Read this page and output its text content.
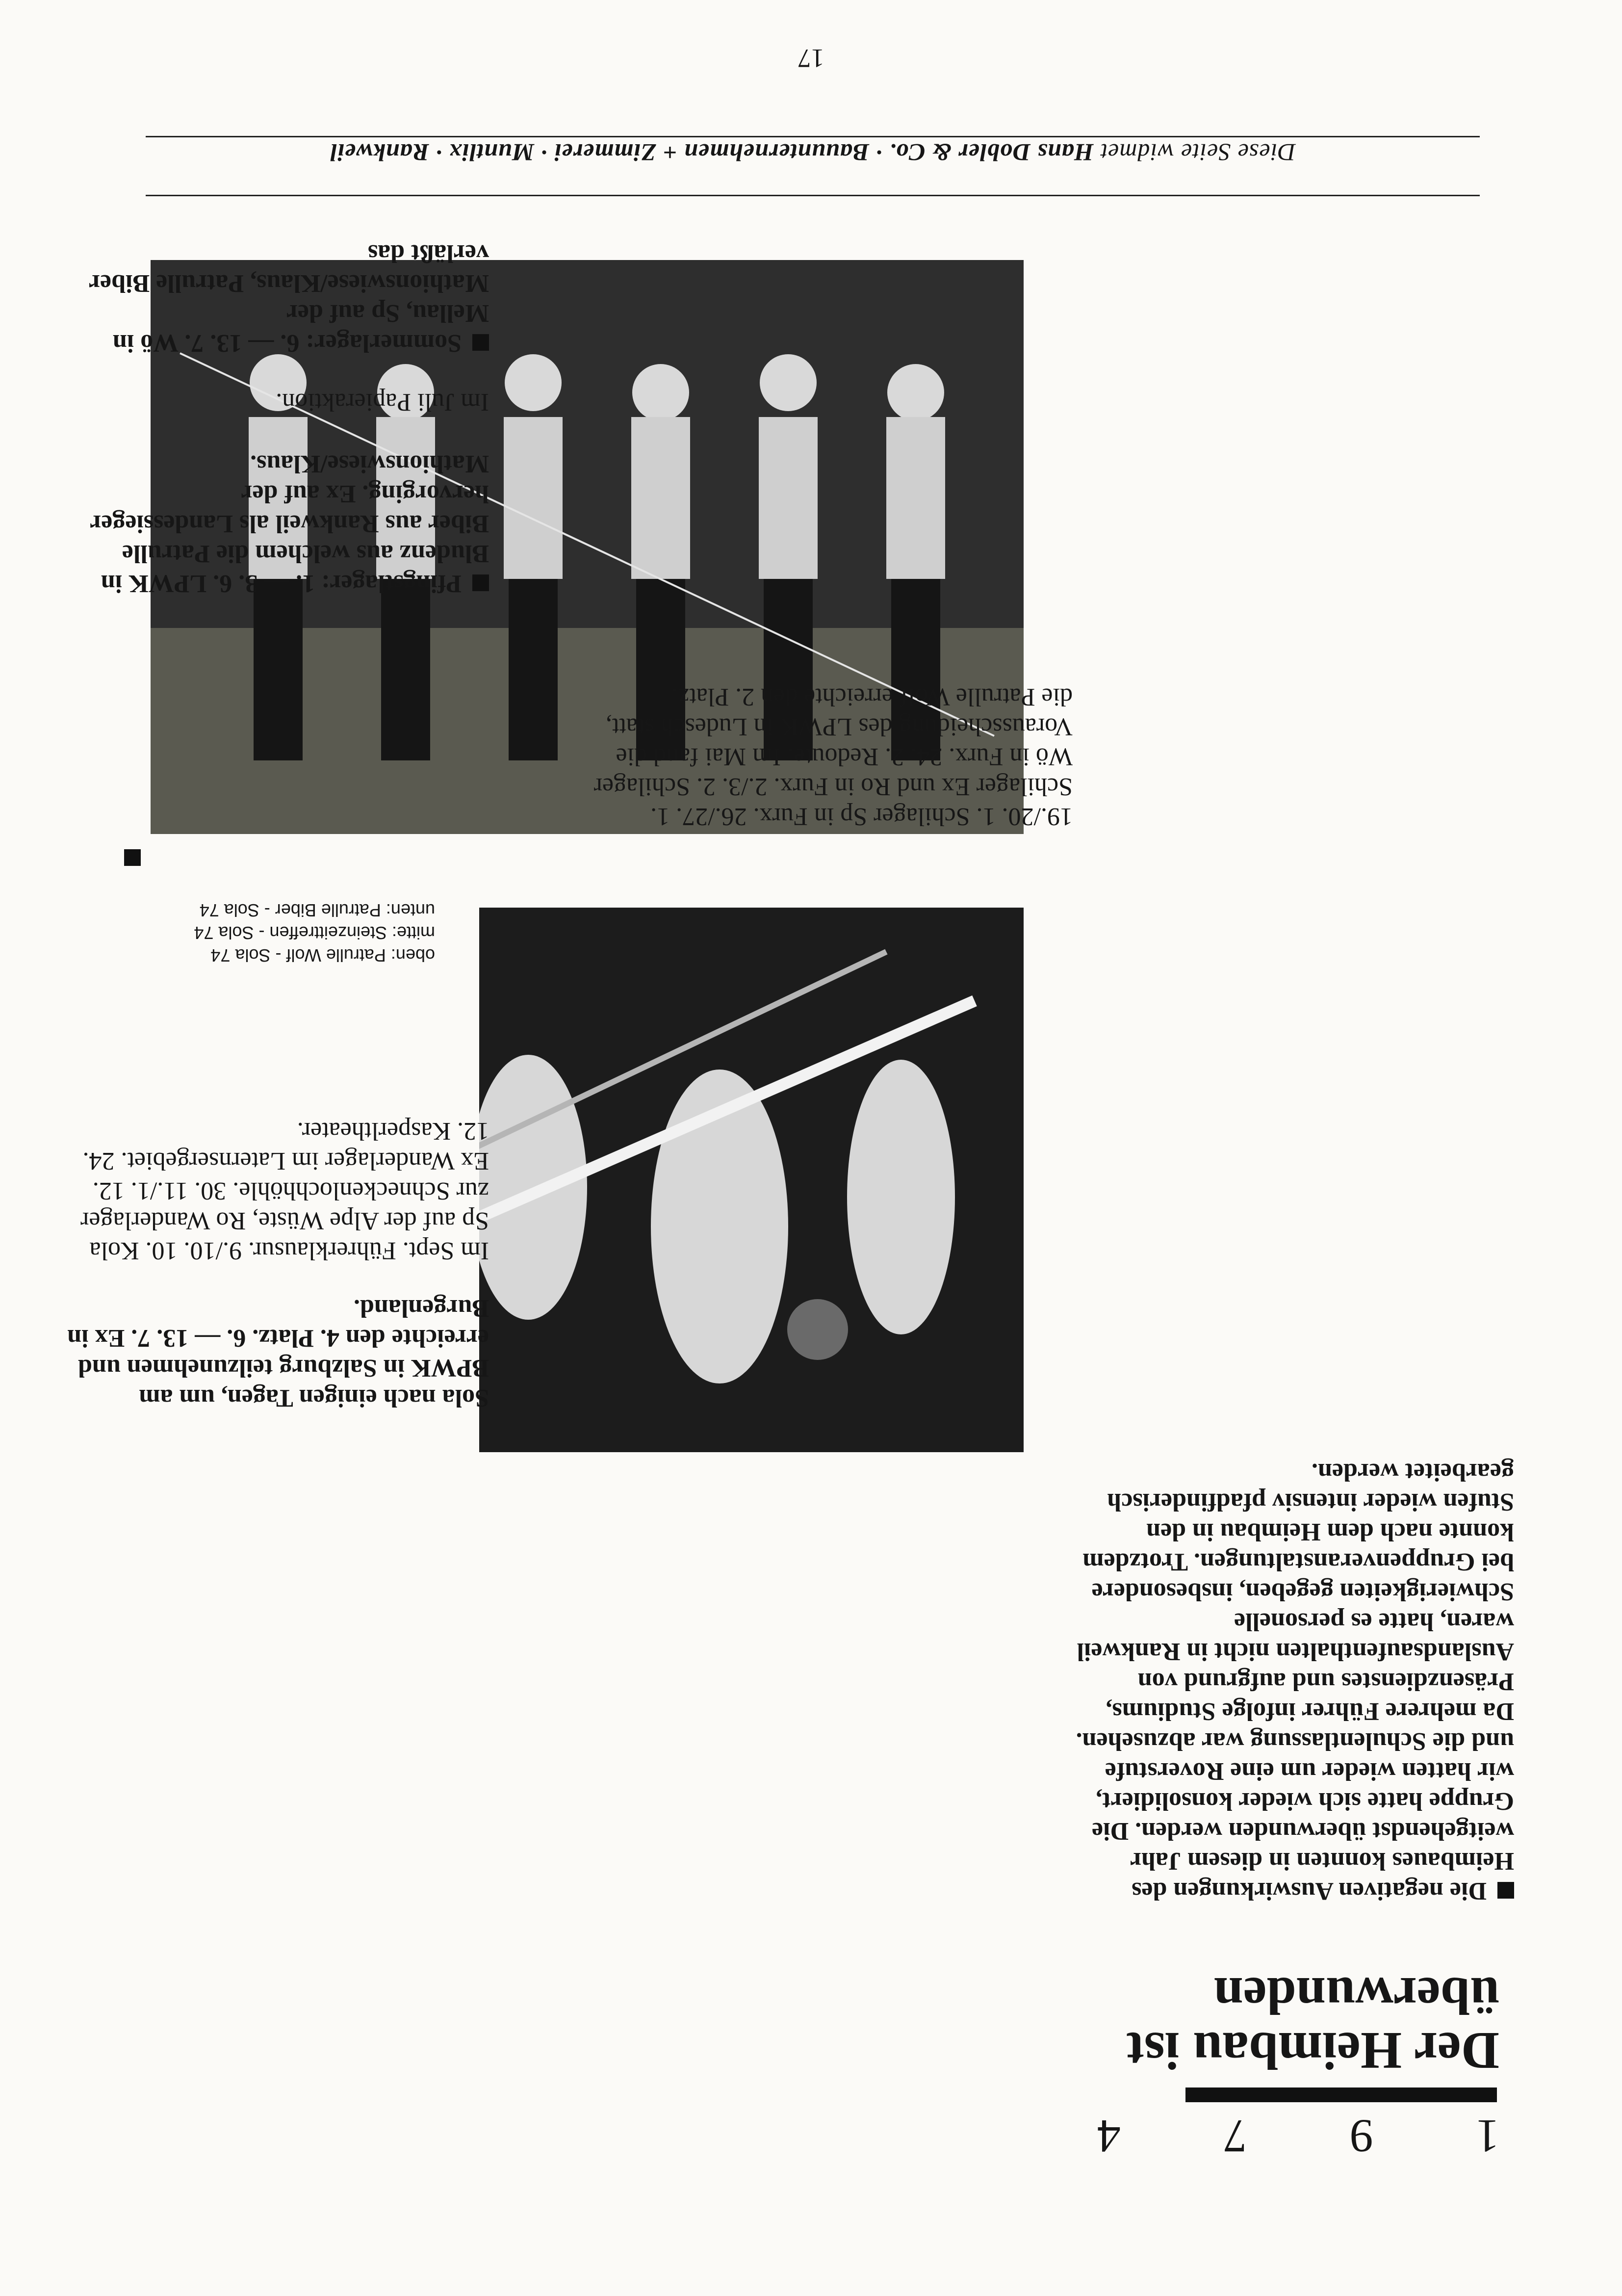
Diese Seite widmet Hans Dobler & Co. · Bauunternehmen + Zimmerei · Muntlix · Rankweil
17
1
9
7
4
Der Heimbau ist überwunden
Die negativen Auswirkungen des Heimbaues konnten in diesem Jahr weitgehendst überwunden werden. Die Gruppe hatte sich wieder konsolidiert, wir hatten wieder um eine Roverstufe und die Schulentlassung war abzusehen. Da mehrere Führer infolge Studiums, Präsenzdienstes und aufgrund von Auslandsaufenthalten nicht in Rankweil waren, hatte es personelle Schwierigkeiten gegeben, insbesondere bei Gruppenveranstaltungen. Trotzdem konnte nach dem Heimbau in den Stufen wieder intensiv pfadfinderisch gearbeitet werden.
Sola nach einigen Tagen, um am BPWK in Salzburg teilzunehmen und erreichte den 4. Platz. 6. — 13. 7. Ex in Burgenland.
Im Sept. Führerklausur. 9./10. 10. Kola Sp auf der Alpe Wüste, Ro Wanderlager zur Schneckenlochhöhle. 30. 11./1. 12. Ex Wanderlager im Laternsergebiet. 24. 12. Kasperltheater.
oben: Patrulle Wolf - Sola 74
mitte: Steinzeittreffen - Sola 74
unten: Patrulle Biber - Sola 74
19./20. 1. Schilager Sp in Furx. 26./27. 1. Schilager Ex und Ro in Furx. 2./3. 2. Schilager Wö in Furx. 24. 2. Redoute. Im Mai fand die Vorausscheidung des LPWK in Ludesch statt, die Patrulle Wolf erreichte den 2. Platz.
Pfingstlager: 1. — 3. 6. LPWK in Bludenz aus welchem die Patrulle Biber aus Rankweil als Landessieger hervorging. Ex auf der Mathionswiese/Klaus.
Im Juli Papieraktion.
Sommerlager: 6. — 13. 7. Wö in Mellau, Sp auf der Mathionswiese/Klaus, Patrulle Biber verläßt das
